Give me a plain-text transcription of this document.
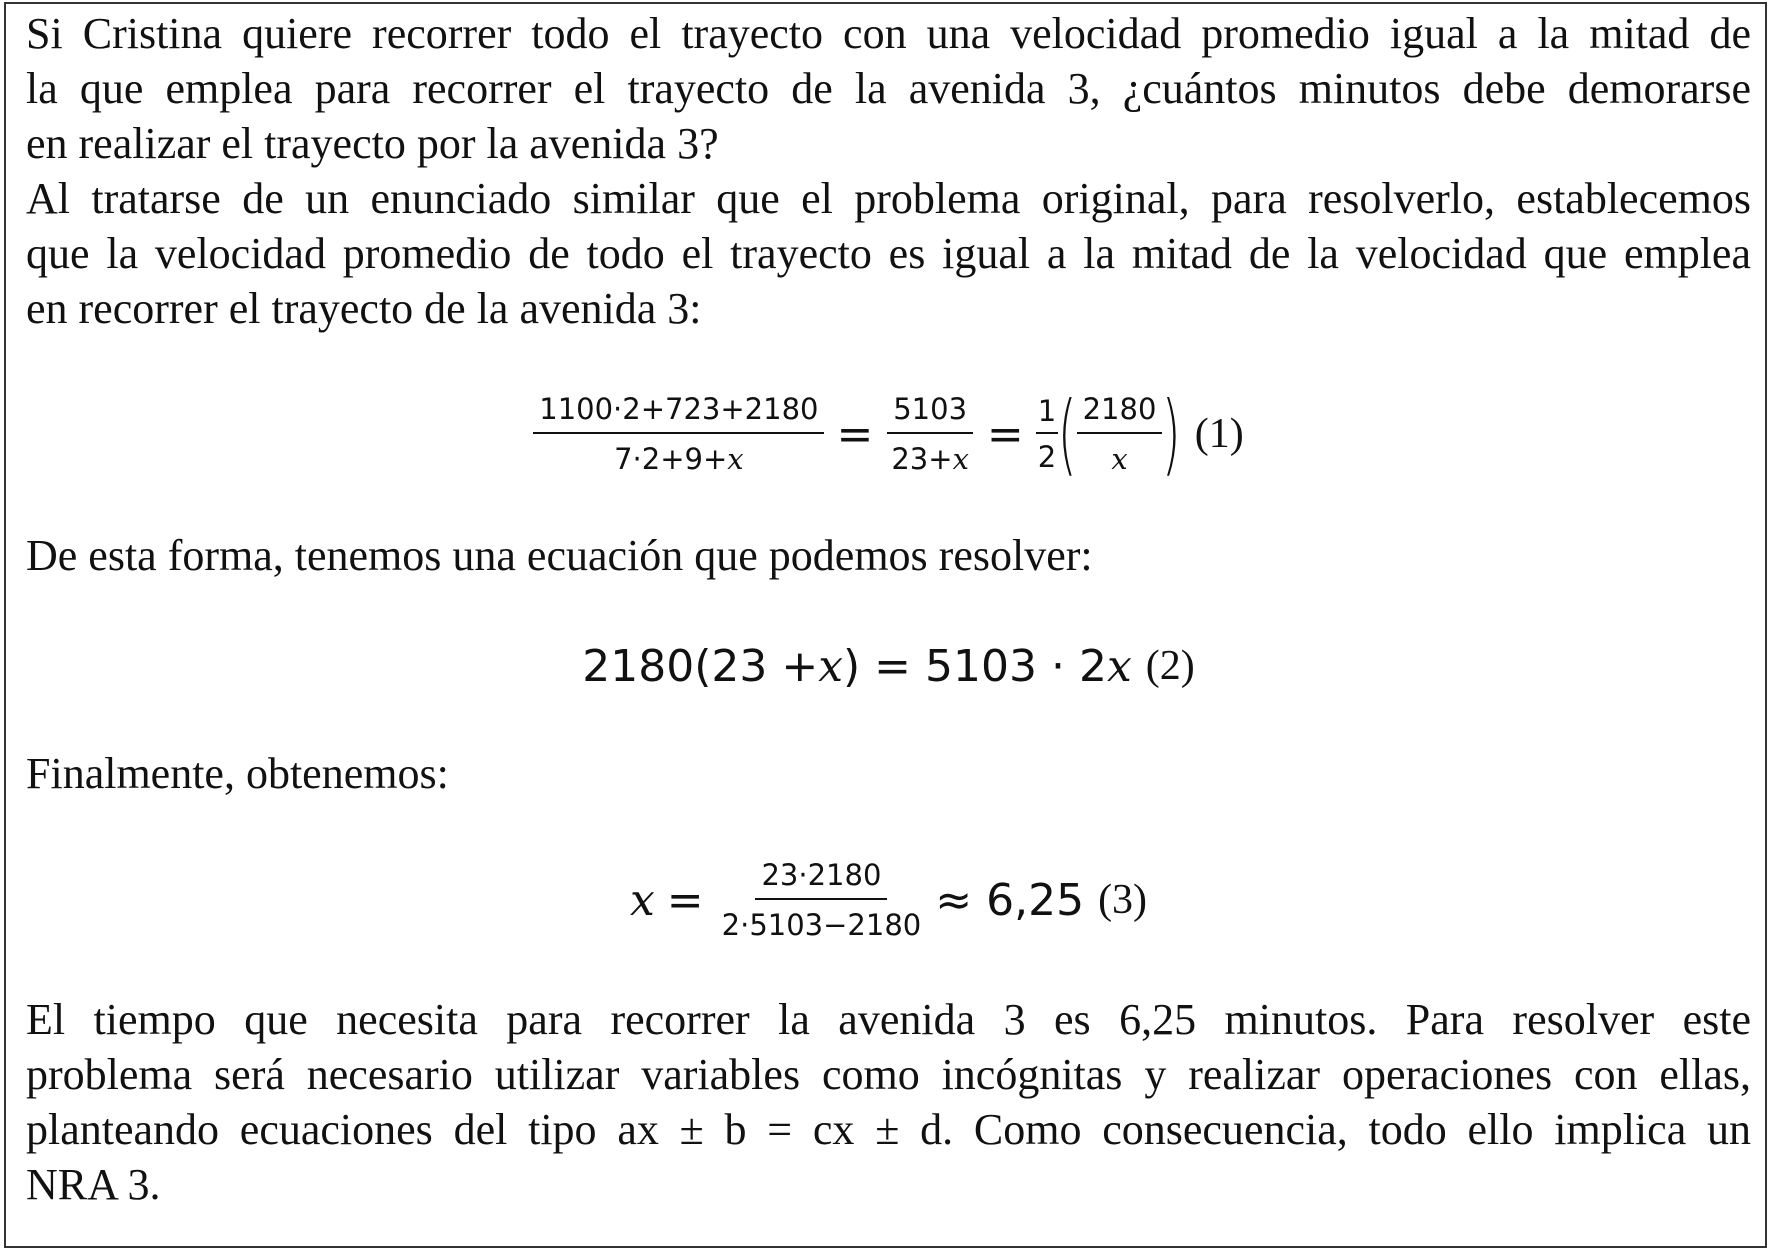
Si Cristina quiere recorrer todo el trayecto con una velocidad promedio igual a la mitad de
la que emplea para recorrer el trayecto de la avenida 3, ¿cuántos minutos debe demorarse
en realizar el trayecto por la avenida 3?
Al tratarse de un enunciado similar que el problema original, para resolverlo, establecemos
que la velocidad promedio de todo el trayecto es igual a la mitad de la velocidad que emplea
en recorrer el trayecto de la avenida 3:
$\frac{1100\cdot 2+723+2180}{7\cdot 2+9+x} = \frac{5103}{23+x} = \frac{1}{2}$ ( $\frac{2180}{x}$ ) (1)
De esta forma, tenemos una ecuación que podemos resolver:
2180(23 + x ) = 5103 · 2 x (2)
Finalmente, obtenemos:
$x = \frac{23\cdot 2180}{2\cdot 5103-2180} \approx 6,25$ (3)
El tiempo que necesita para recorrer la avenida 3 es 6,25 minutos. Para resolver este
problema será necesario utilizar variables como incógnitas y realizar operaciones con ellas,
planteando ecuaciones del tipo ax ± b = cx ± d. Como consecuencia, todo ello implica un
NRA 3.
